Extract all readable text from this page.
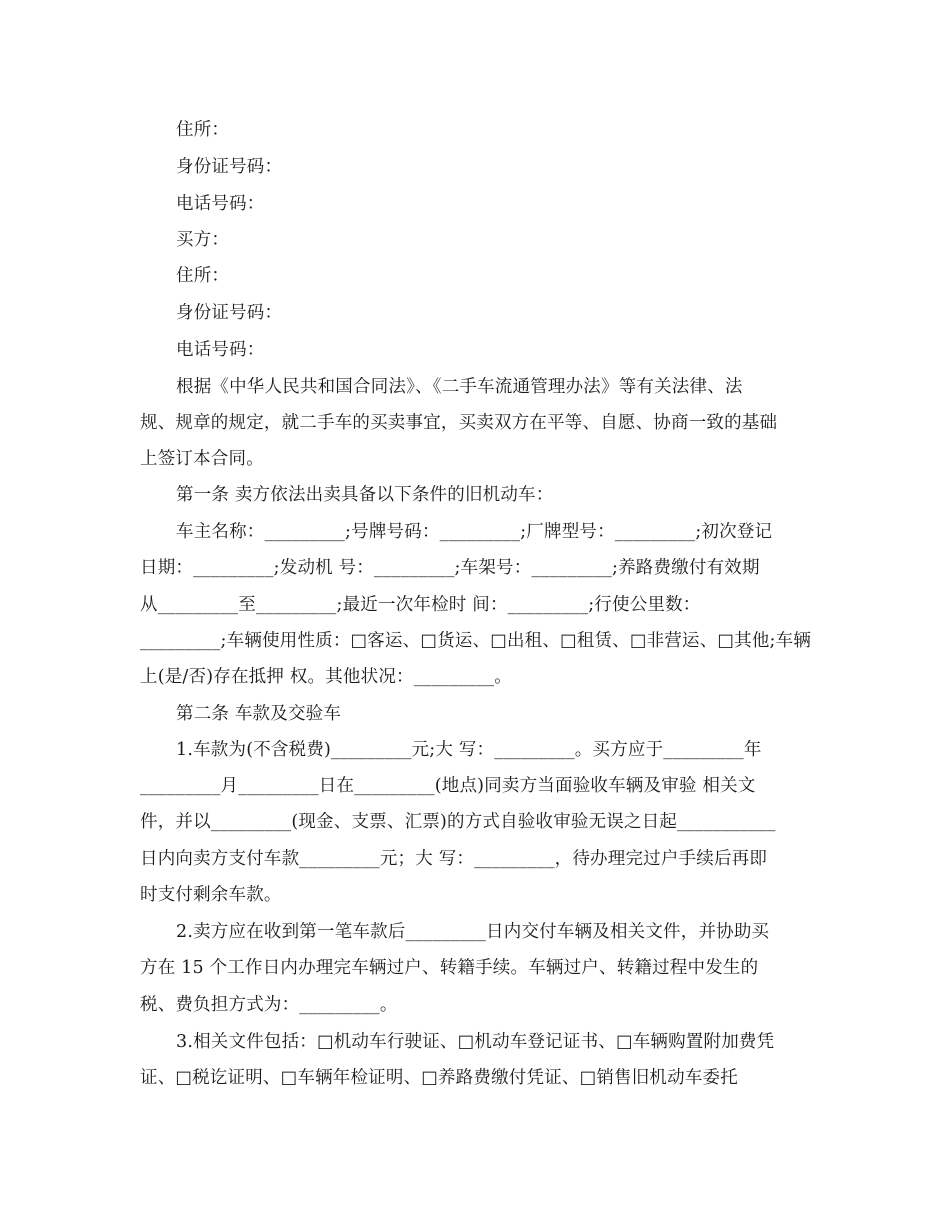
住所：
身份证号码：
电话号码：
买方：
住所：
身份证号码：
电话号码：
根据《中华人民共和国合同法》、《二手车流通管理办法》等有关法律、法
规、规章的规定，就二手车的买卖事宜，买卖双方在平等、自愿、协商一致的基础
上签订本合同。
第一条 卖方依法出卖具备以下条件的旧机动车：
车主名称：_________;号牌号码：_________;厂牌型号：_________;初次登记
日期：_________;发动机 号：_________;车架号：_________;养路费缴付有效期
从_________至_________;最近一次年检时 间：_________;行使公里数：
_________;车辆使用性质：□客运、□货运、□出租、□租赁、□非营运、□其他;车辆
上(是/否)存在抵押 权。其他状况：_________。
第二条 车款及交验车
1.车款为(不含税费)_________元;大 写：_________。买方应于_________年
_________月_________日在_________(地点)同卖方当面验收车辆及审验 相关文
件，并以_________(现金、支票、汇票)的方式自验收审验无误之日起___________
日内向卖方支付车款_________元；大 写：_________，待办理完过户手续后再即
时支付剩余车款。
2.卖方应在收到第一笔车款后_________日内交付车辆及相关文件，并协助买
方在 15 个工作日内办理完车辆过户、转籍手续。车辆过户、转籍过程中发生的
税、费负担方式为：_________。
3.相关文件包括：□机动车行驶证、□机动车登记证书、□车辆购置附加费凭
证、□税讫证明、□车辆年检证明、□养路费缴付凭证、□销售旧机动车委托
